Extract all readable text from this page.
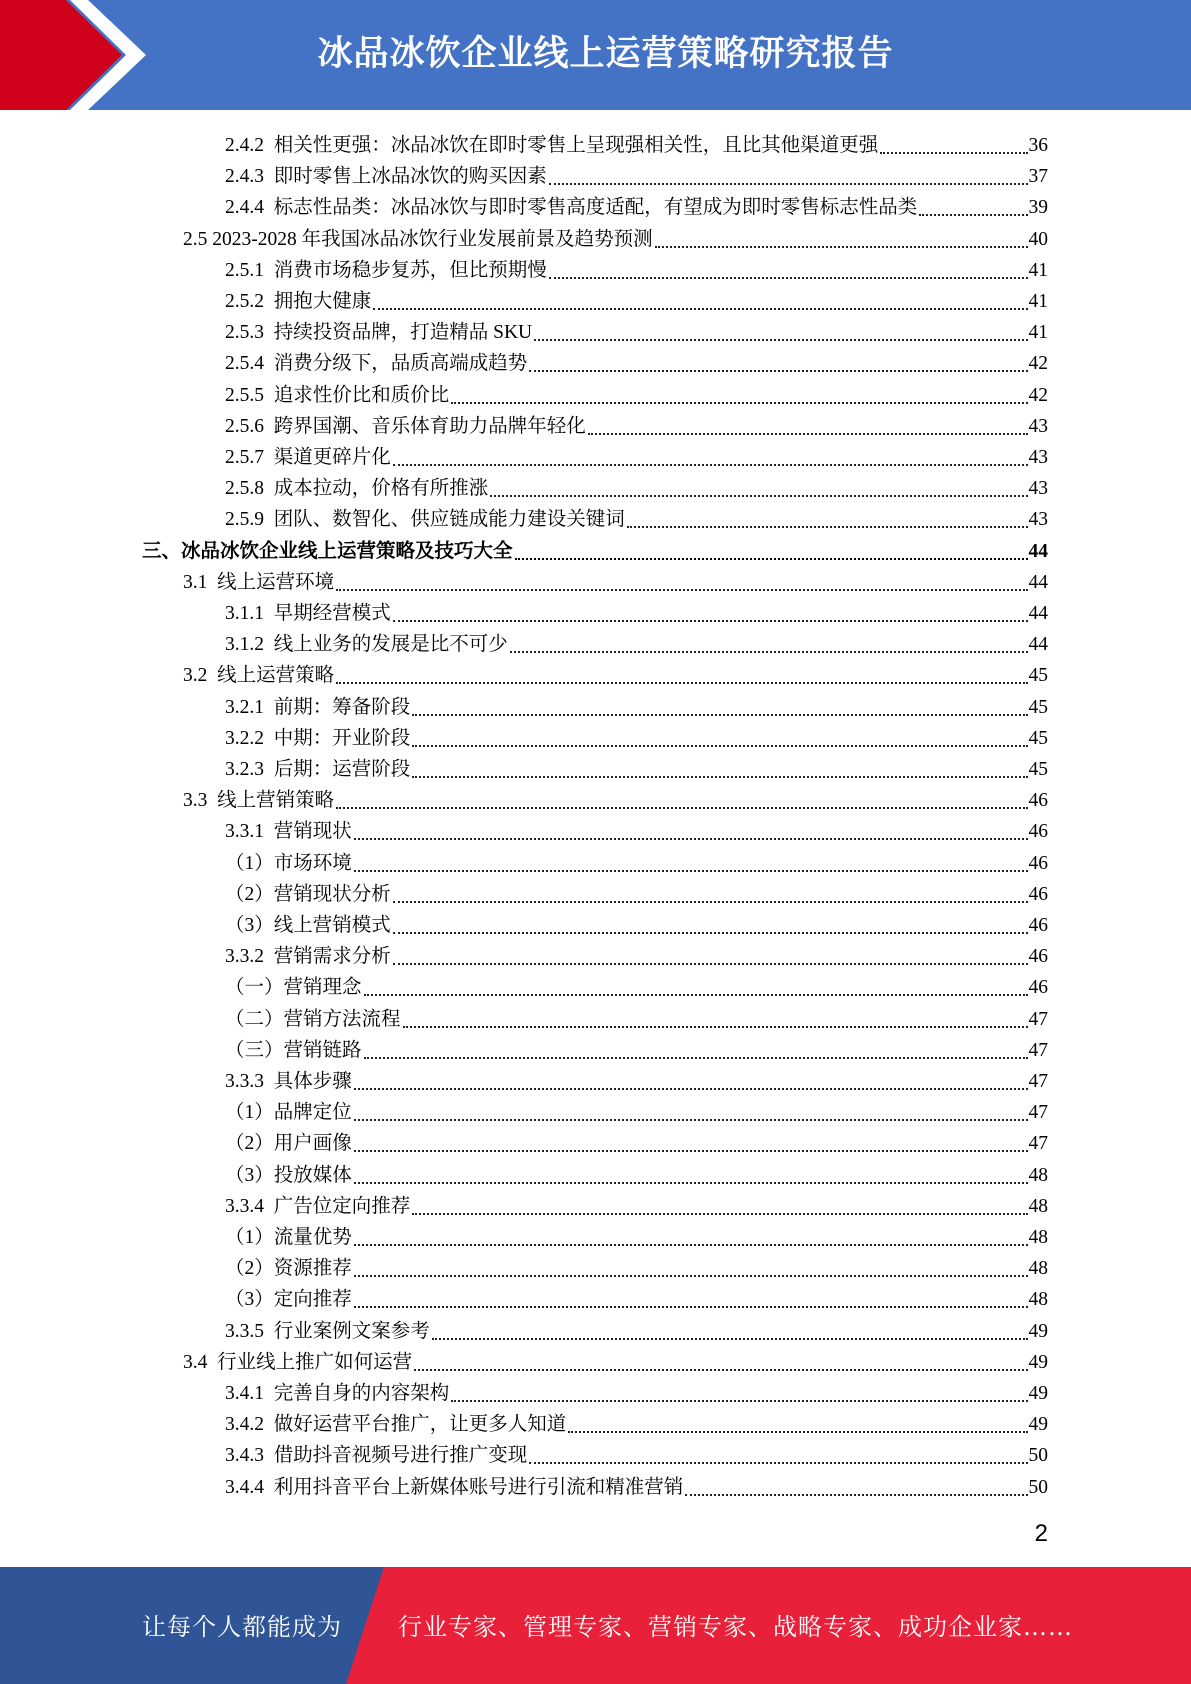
冰品冰饮企业线上运营策略研究报告
2.4.2 相关性更强：冰品冰饮在即时零售上呈现强相关性，且比其他渠道更强	36
2.4.3 即时零售上冰品冰饮的购买因素	37
2.4.4 标志性品类：冰品冰饮与即时零售高度适配，有望成为即时零售标志性品类	39
2.5 2023-2028 年我国冰品冰饮行业发展前景及趋势预测	40
2.5.1 消费市场稳步复苏，但比预期慢	41
2.5.2 拥抱大健康	41
2.5.3 持续投资品牌，打造精品 SKU	41
2.5.4 消费分级下，品质高端成趋势	42
2.5.5 追求性价比和质价比	42
2.5.6 跨界国潮、音乐体育助力品牌年轻化	43
2.5.7 渠道更碎片化	43
2.5.8 成本拉动，价格有所推涨	43
2.5.9 团队、数智化、供应链成能力建设关键词	43
三、冰品冰饮企业线上运营策略及技巧大全	44
3.1 线上运营环境	44
3.1.1 早期经营模式	44
3.1.2 线上业务的发展是比不可少	44
3.2 线上运营策略	45
3.2.1 前期：筹备阶段	45
3.2.2 中期：开业阶段	45
3.2.3 后期：运营阶段	45
3.3 线上营销策略	46
3.3.1 营销现状	46
（1）市场环境	46
（2）营销现状分析	46
（3）线上营销模式	46
3.3.2 营销需求分析	46
（一）营销理念	46
（二）营销方法流程	47
（三）营销链路	47
3.3.3 具体步骤	47
（1）品牌定位	47
（2）用户画像	47
（3）投放媒体	48
3.3.4 广告位定向推荐	48
（1）流量优势	48
（2）资源推荐	48
（3）定向推荐	48
3.3.5 行业案例文案参考	49
3.4 行业线上推广如何运营	49
3.4.1 完善自身的内容架构	49
3.4.2 做好运营平台推广，让更多人知道	49
3.4.3 借助抖音视频号进行推广变现	50
3.4.4 利用抖音平台上新媒体账号进行引流和精准营销	50
2
让每个人都能成为 行业专家、管理专家、营销专家、战略专家、成功企业家……
